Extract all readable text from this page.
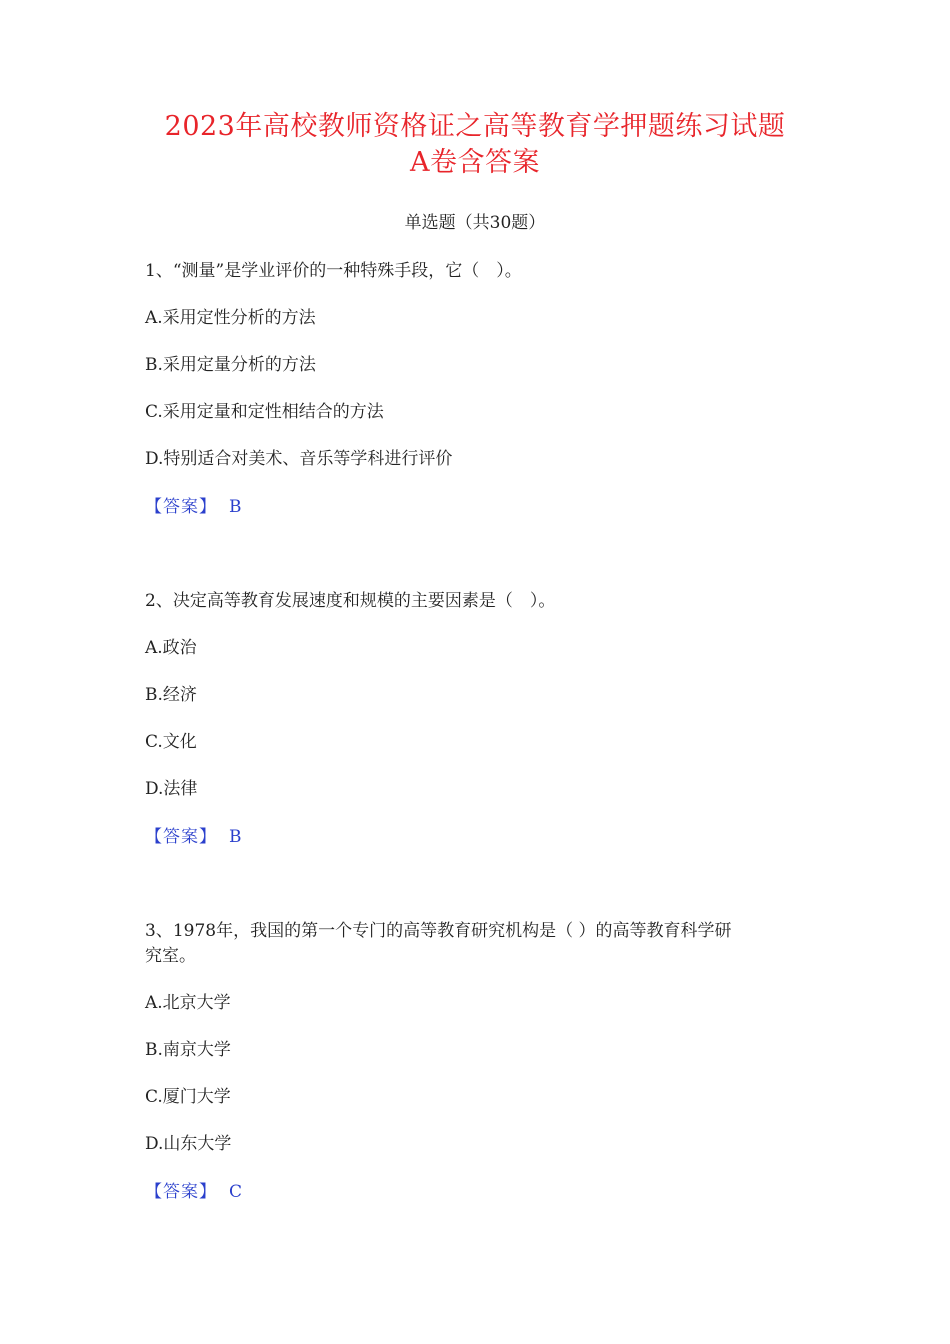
2023年高校教师资格证之高等教育学押题练习试题
A卷含答案
单选题（共30题）
1、“测量”是学业评价的一种特殊手段，它（　）。
A.采用定性分析的方法
B.采用定量分析的方法
C.采用定量和定性相结合的方法
D.特别适合对美术、音乐等学科进行评价
【答案】 B
2、决定高等教育发展速度和规模的主要因素是（　）。
A.政治
B.经济
C.文化
D.法律
【答案】 B
3、1978年，我国的第一个专门的高等教育研究机构是（ ）的高等教育科学研
究室。
A.北京大学
B.南京大学
C.厦门大学
D.山东大学
【答案】 C
